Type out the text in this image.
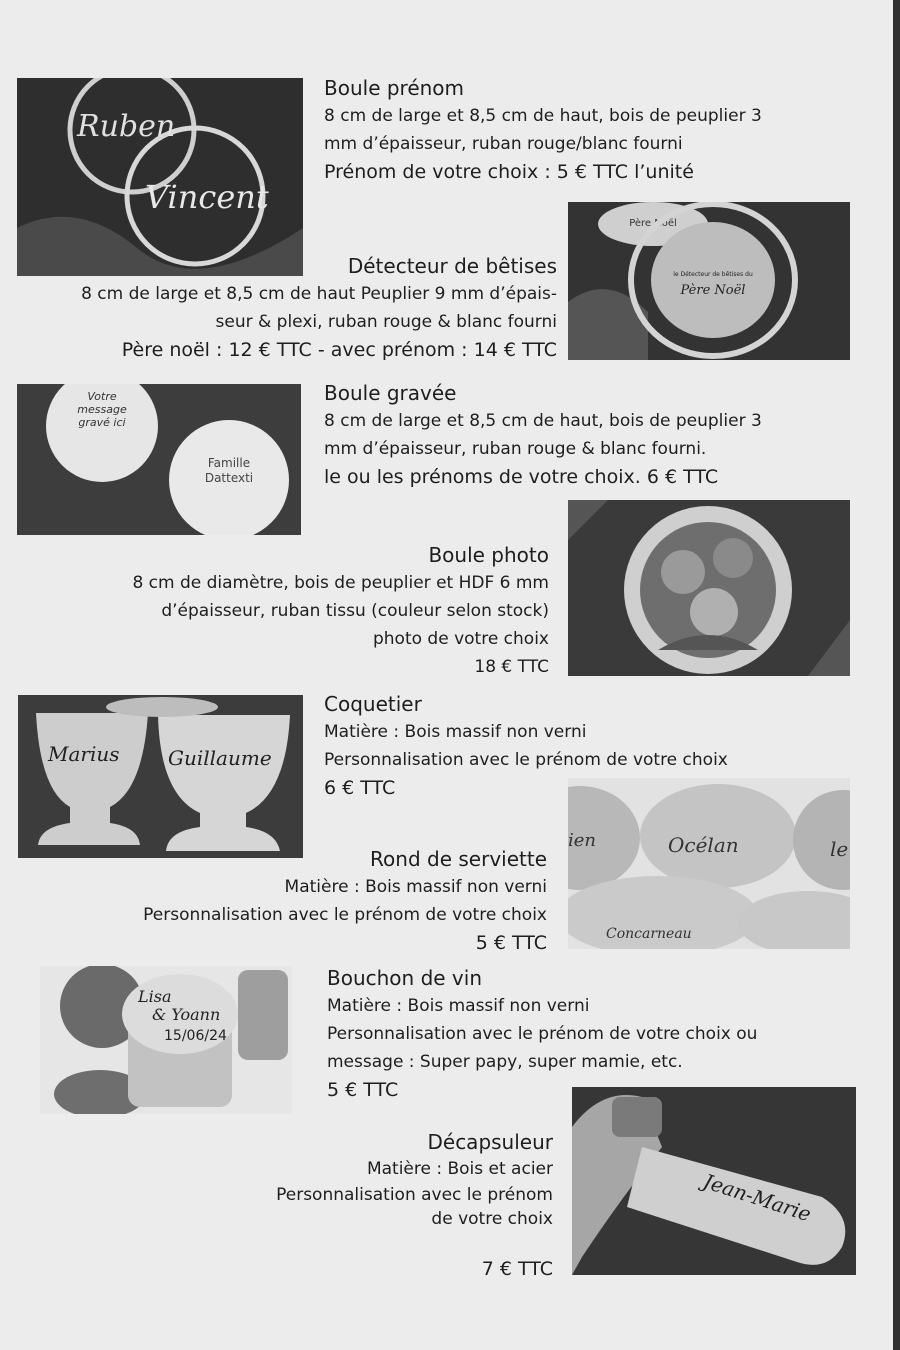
Ruben
Vincent
Boule prénom
8 cm de large et 8,5 cm de haut, bois de peuplier 3
mm d’épaisseur, ruban rouge/blanc fourni
Prénom de votre choix : 5 € TTC l’unité
Père Noël
le Détecteur de bêtises du
Père Noël
Détecteur de bêtises
8 cm de large et 8,5 cm de haut Peuplier 9 mm d’épais-
seur & plexi, ruban rouge & blanc fourni
Père noël : 12 € TTC - avec prénom : 14 € TTC
Votre message gravé ici
Famille Dattexti
Boule gravée
8 cm de large et 8,5 cm de haut, bois de peuplier 3
mm d’épaisseur, ruban rouge & blanc fourni.
le ou les prénoms de votre choix. 6 € TTC
Boule photo
8 cm de diamètre, bois de peuplier et HDF 6 mm
d’épaisseur, ruban tissu (couleur selon stock)
photo de votre choix
18 € TTC
Marius Guillaume
Coquetier
Matière : Bois massif non verni
Personnalisation avec le prénom de votre choix
6 € TTC
ien	Océlan	le
Concarneau
Rond de serviette
Matière : Bois massif non verni
Personnalisation avec le prénom de votre choix
5 € TTC
Lisa
& Yoann
15/06/24
Bouchon de vin
Matière : Bois massif non verni
Personnalisation avec le prénom de votre choix ou
message : Super papy, super mamie, etc.
5 € TTC
Jean-Marie
Décapsuleur
Matière : Bois et acier
Personnalisation avec le prénom
de votre choix
7 € TTC
